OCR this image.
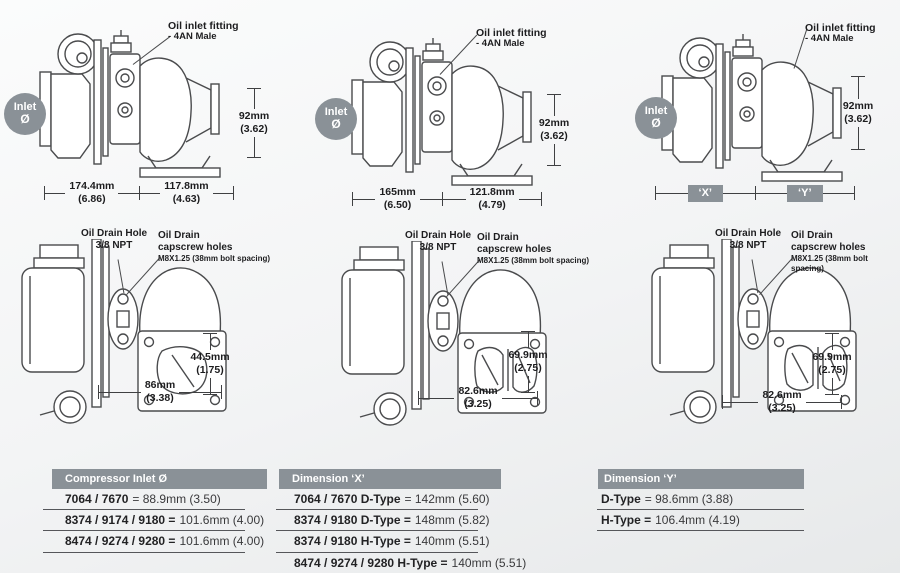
Inlet
Ø
Oil inlet fitting
- 4AN Male
92mm
(3.62)
174.4mm
(6.86)
117.8mm
(4.63)
Inlet
Ø
Oil inlet fitting
- 4AN Male
92mm
(3.62)
165mm
(6.50)
121.8mm
(4.79)
Inlet
Ø
Oil inlet fitting
- 4AN Male
92mm
(3.62)
‘X’	‘Y’
Oil Drain Hole
3/8 NPT
Oil Drain
capscrew holes
M8X1.25 (38mm bolt spacing)
44.5mm
(1.75)
86mm
(3.38)
Oil Drain Hole
3/8 NPT
Oil Drain
capscrew holes
M8X1.25 (38mm bolt spacing)
69.9mm
(2.75)
82.6mm
(3.25)
Oil Drain Hole
3/8 NPT
Oil Drain
capscrew holes
M8X1.25 (38mm bolt spacing)
69.9mm
(2.75)
82.6mm
(3.25)
Compressor Inlet Ø
7064 / 7670 = 88.9mm (3.50)
8374 / 9174 / 9180 = 101.6mm (4.00)
8474 / 9274 / 9280 = 101.6mm (4.00)
Dimension ‘X’
7064 / 7670 D-Type = 142mm (5.60)
8374 / 9180 D-Type = 148mm (5.82)
8374 / 9180 H-Type = 140mm (5.51)
8474 / 9274 / 9280 H-Type = 140mm (5.51)
Dimension ‘Y’
D-Type = 98.6mm (3.88)
H-Type = 106.4mm (4.19)
